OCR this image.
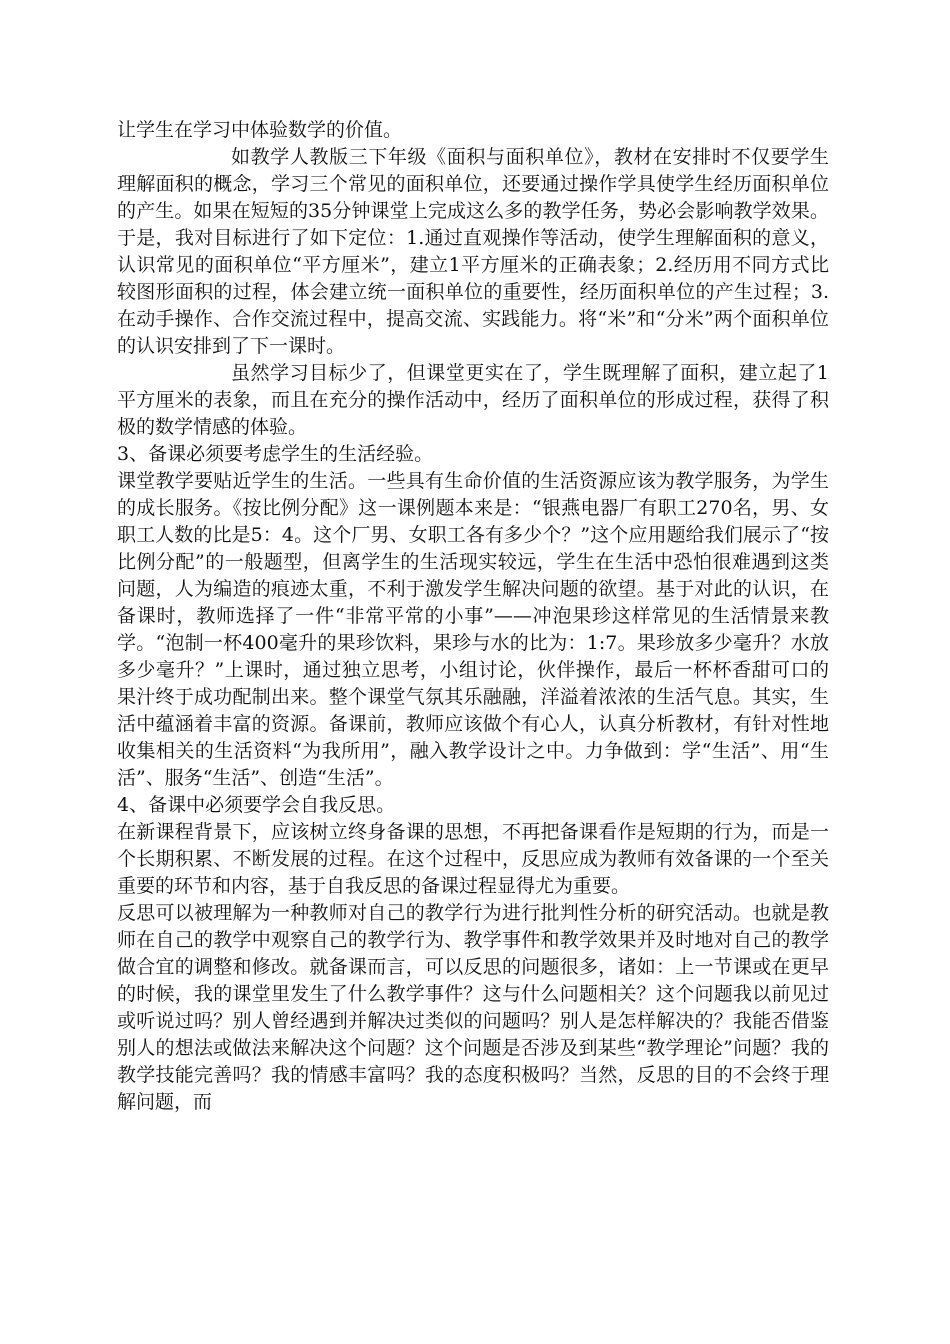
让学生在学习中体验数学的价值。

如教学人教版三下年级《面积与面积单位》，教材在安排时不仅要学生理解面积的概念，学习三个常见的面积单位，还要通过操作学具使学生经历面积单位的产生。如果在短短的35分钟课堂上完成这么多的教学任务，势必会影响教学效果。于是，我对目标进行了如下定位：1.通过直观操作等活动，使学生理解面积的意义，认识常见的面积单位“平方厘米”，建立1平方厘米的正确表象；2.经历用不同方式比较图形面积的过程，体会建立统一面积单位的重要性，经历面积单位的产生过程；3.在动手操作、合作交流过程中，提高交流、实践能力。将“米”和“分米”两个面积单位的认识安排到了下一课时。

虽然学习目标少了，但课堂更实在了，学生既理解了面积，建立起了1平方厘米的表象，而且在充分的操作活动中，经历了面积单位的形成过程，获得了积极的数学情感的体验。

3、备课必须要考虑学生的生活经验。

课堂教学要贴近学生的生活。一些具有生命价值的生活资源应该为教学服务，为学生的成长服务。《按比例分配》这一课例题本来是：“银燕电器厂有职工270名，男、女职工人数的比是5：4。这个厂男、女职工各有多少个？”这个应用题给我们展示了“按比例分配”的一般题型，但离学生的生活现实较远，学生在生活中恐怕很难遇到这类问题，人为编造的痕迹太重，不利于激发学生解决问题的欲望。基于对此的认识，在备课时，教师选择了一件“非常平常的小事”——冲泡果珍这样常见的生活情景来教学。“泡制一杯400毫升的果珍饮料，果珍与水的比为：1:7。果珍放多少毫升？水放多少毫升？”上课时，通过独立思考，小组讨论，伙伴操作，最后一杯杯香甜可口的果汁终于成功配制出来。整个课堂气氛其乐融融，洋溢着浓浓的生活气息。其实，生活中蕴涵着丰富的资源。备课前，教师应该做个有心人，认真分析教材，有针对性地收集相关的生活资料“为我所用”，融入教学设计之中。力争做到：学“生活”、用“生活”、服务“生活”、创造“生活”。

4、备课中必须要学会自我反思。

在新课程背景下，应该树立终身备课的思想，不再把备课看作是短期的行为，而是一个长期积累、不断发展的过程。在这个过程中，反思应成为教师有效备课的一个至关重要的环节和内容，基于自我反思的备课过程显得尤为重要。

反思可以被理解为一种教师对自己的教学行为进行批判性分析的研究活动。也就是教师在自己的教学中观察自己的教学行为、教学事件和教学效果并及时地对自己的教学做合宜的调整和修改。就备课而言，可以反思的问题很多，诸如：上一节课或在更早的时候，我的课堂里发生了什么教学事件？这与什么问题相关？这个问题我以前见过或听说过吗？别人曾经遇到并解决过类似的问题吗？别人是怎样解决的？我能否借鉴别人的想法或做法来解决这个问题？这个问题是否涉及到某些“教学理论”问题？我的教学技能完善吗？我的情感丰富吗？我的态度积极吗？当然，反思的目的不会终于理解问题，而
